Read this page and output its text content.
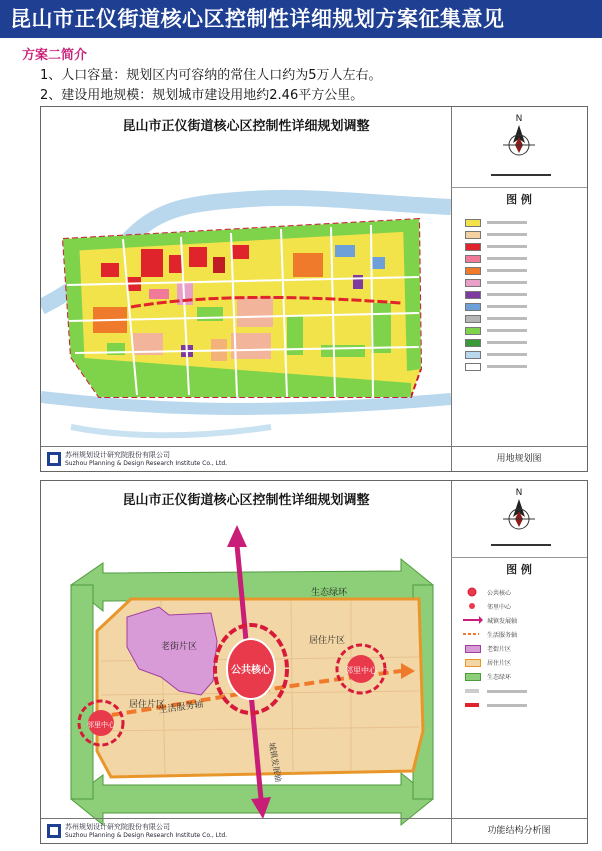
昆山市正仪街道核心区控制性详细规划方案征集意见
方案二简介
1、人口容量：规划区内可容纳的常住人口约为5万人左右。
2、建设用地规模：规划城市建设用地约2.46平方公里。
昆山市正仪街道核心区控制性详细规划调整	N
图 例
苏州规划设计研究院股份有限公司
Suzhou Planning & Design Research Institute Co., Ltd.	用地规划图
老街片区
城镇发展轴
生活服务轴
公共核心	邻里中心
邻里中心
生态绿环
居住片区
居住片区
昆山市正仪街道核心区控制性详细规划调整	N
图 例
公共核心
邻里中心
城镇发展轴
生活服务轴
老街片区
居住片区
生态绿环
苏州规划设计研究院股份有限公司
Suzhou Planning & Design Research Institute Co., Ltd.	功能结构分析图
